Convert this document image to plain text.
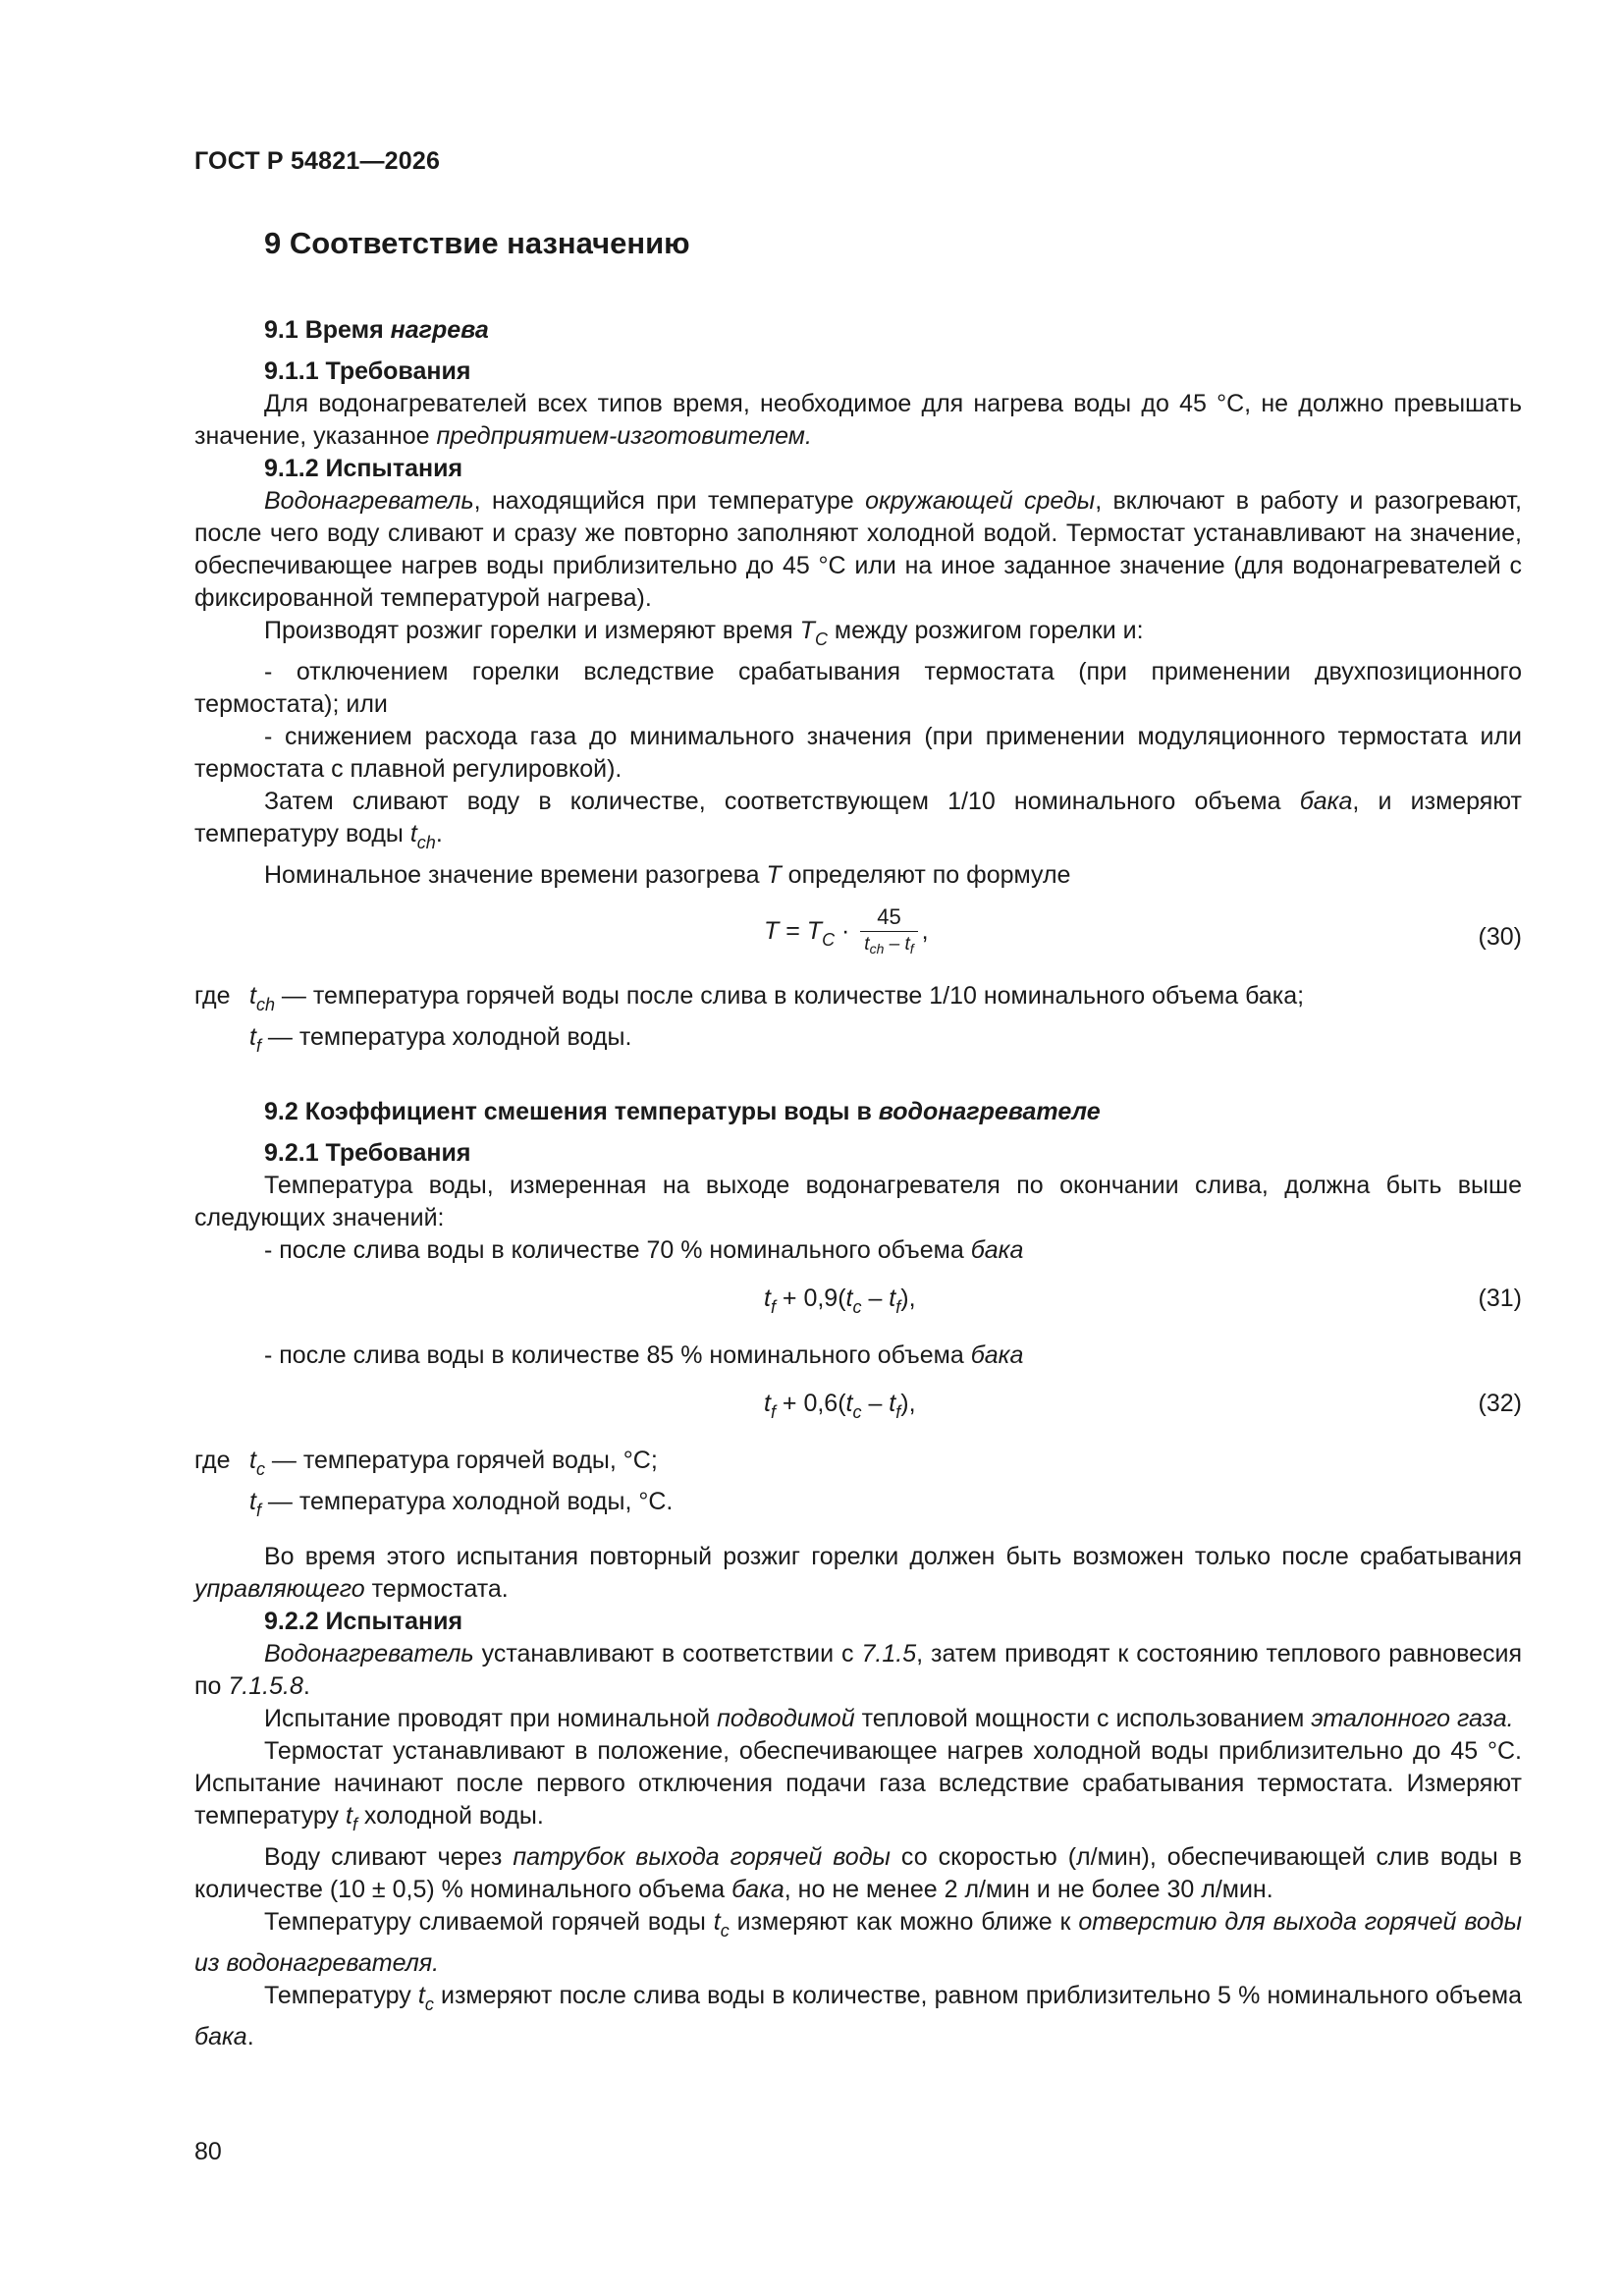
ГОСТ Р 54821—2026
9 Соответствие назначению
9.1 Время нагрева
9.1.1 Требования

Для водонагревателей всех типов время, необходимое для нагрева воды до 45 °С, не должно превышать значение, указанное предприятием-изготовителем.

9.1.2 Испытания

Водонагреватель, находящийся при температуре окружающей среды, включают в работу и разогревают, после чего воду сливают и сразу же повторно заполняют холодной водой. Термостат устанавливают на значение, обеспечивающее нагрев воды приблизительно до 45 °С или на иное заданное значение (для водонагревателей с фиксированной температурой нагрева).

Производят розжиг горелки и измеряют время $T_C$ между розжигом горелки и:

- отключением горелки вследствие срабатывания термостата (при применении двухпозиционного термостата); или

- снижением расхода газа до минимального значения (при применении модуляционного термостата или термостата с плавной регулировкой).

Затем сливают воду в количестве, соответствующем 1/10 номинального объема бака, и измеряют температуру воды $t_{ch}$.

Номинальное значение времени разогрева T определяют по формуле

$T = T_C \cdot \frac{45}{t_{ch} - t_f}$ ,	(30)
где $t_{ch}$ — температура горячей воды после слива в количестве 1/10 номинального объема бака;
$t_f$ — температура холодной воды.
9.2 Коэффициент смешения температуры воды в водонагревателе
9.2.1 Требования

Температура воды, измеренная на выходе водонагревателя по окончании слива, должна быть выше следующих значений:

- после слива воды в количестве 70 % номинального объема бака

$t_f + 0,9(t_c - t_f)$,	(31)

- после слива воды в количестве 85 % номинального объема бака

$t_f + 0,6(t_c - t_f)$,	(32)
где $t_c$ — температура горячей воды, °С;
$t_f$ — температура холодной воды, °С.

Во время этого испытания повторный розжиг горелки должен быть возможен только после срабатывания управляющего термостата.

9.2.2 Испытания

Водонагреватель устанавливают в соответствии с 7.1.5, затем приводят к состоянию теплового равновесия по 7.1.5.8.

Испытание проводят при номинальной подводимой тепловой мощности с использованием эталонного газа.

Термостат устанавливают в положение, обеспечивающее нагрев холодной воды приблизительно до 45 °С. Испытание начинают после первого отключения подачи газа вследствие срабатывания термостата. Измеряют температуру $t_f$ холодной воды.

Воду сливают через патрубок выхода горячей воды со скоростью (л/мин), обеспечивающей слив воды в количестве (10 ± 0,5) % номинального объема бака, но не менее 2 л/мин и не более 30 л/мин.

Температуру сливаемой горячей воды $t_c$ измеряют как можно ближе к отверстию для выхода горячей воды из водонагревателя.

Температуру $t_c$ измеряют после слива воды в количестве, равном приблизительно 5 % номинального объема бака.

80
